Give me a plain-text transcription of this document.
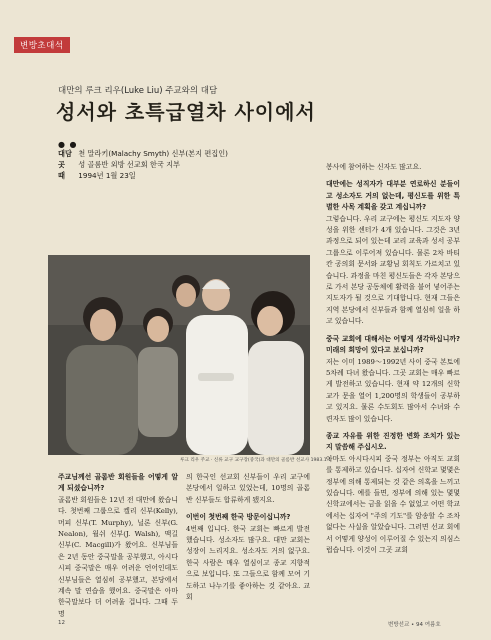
변방초대석
대만의 루크 리우(Luke Liu) 주교와의 대담
성서와 초특급열차 사이에서
● ●
대담 천 말라키(Malachy Smyth) 신부(본지 편집인)
곳 성 골롬반 외방 선교회 한국 지부
때 1994년 1월 23일
루크 리우 주교 · 신류 교구 교구장(중국)과 대만의 골롬반 선교사 1983.1.1

봉사에 참여하는 신자도 많고요.

대만에는 성직자가 대부분 연로하신 분들이고 성소자도 거의 없는데, 평신도를 위한 특별한 사목 계획을 갖고 계십니까?

그렇습니다. 우리 교구에는 평신도 지도자 양성을 위한 센터가 4개 있습니다. 그것은 3년 과정으로 되어 있는데 교리 교육과 성서 공부 그룹으로 이루어져 있습니다. 물론 2차 바티칸 공의회 문서와 교황님 회칙도 가르치고 있습니다. 과정을 마친 평신도들은 각자 본당으로 가서 본당 공동체에 활력을 불어 넣어주는 지도자가 될 것으로 기대합니다. 현재 그들은 지역 본당에서 신부들과 함께 열심히 일을 하고 있습니다.

중국 교회에 대해서는 어떻게 생각하십니까? 미래의 희망이 있다고 보십니까?

저는 이미 1989～1992년 사이 중국 본토에 5차례 다녀 왔습니다. 그곳 교회는 매우 빠르게 발전하고 있습니다. 현재 약 12개의 신학교가 문을 열어 1,200명의 학생들이 공부하고 있지요. 물론 수도회도 많아서 수녀와 수련자도 많이 있습니다.

종교 자유를 위한 진정한 변화 조치가 있는지 말씀해 주십시오.

아마도 아시다시피 중국 정부는 아직도 교회를 통제하고 있습니다. 십자여 신학교 몇몇은 정부에 의해 통제되는 것 같은 의혹을 느끼고 있습니다. 예를 들면, 정부에 의해 있는 몇몇 신학교에서는 금을 읽을 수 없었고 어떤 학교에서는 십자여 "주의 기도"를 암송할 수 조차 없다는 사실을 알았습니다. 그러면 선교 회에서 어떻게 양성이 이루어질 수 있는지 의심스럽습니다. 이것이 그곳 교회

주교님께선 골롬반 회원들을 어떻게 알게 되셨습니까?

골롬반 회원들은 12년 전 대만에 왔습니다. 첫번째 그룹으로 켈리 신부(Kelly), 머피 신부(T. Murphy), 닐론 신부(G. Nealon), 월쉬 신부(J. Walsh), 맥길 신부(C. Macgill)가 왔어요. 신부님들은 2년 동안 중국말을 공부했고, 아시다시피 중국말은 매우 어려운 언어인데도 신부님들은 열심히 공부했고, 본당에서 계속 말 연습을 했어요. 중국말은 아마 한국말보다 더 어려울 겁니다. 그때 두 명

의 한국인 선교회 신부들이 우리 교구에 본당에서 일하고 있었는데, 10명의 골롬반 신부들도 합류하게 됐지요.

이번이 첫번째 한국 방문이십니까?

4번째 입니다. 한국 교회는 빠르게 발전했습니다. 성소자도 많구요. 대만 교회는 성장이 느리지요. 성소자도 거의 없구요. 한국 사람은 매우 열심이고 종교 지향적으로 보입니다. 또 그들으로 함께 모여 기도하고 나누기를 좋아하는 것 같아요. 교회

12	변방선교 • 94 여름호
